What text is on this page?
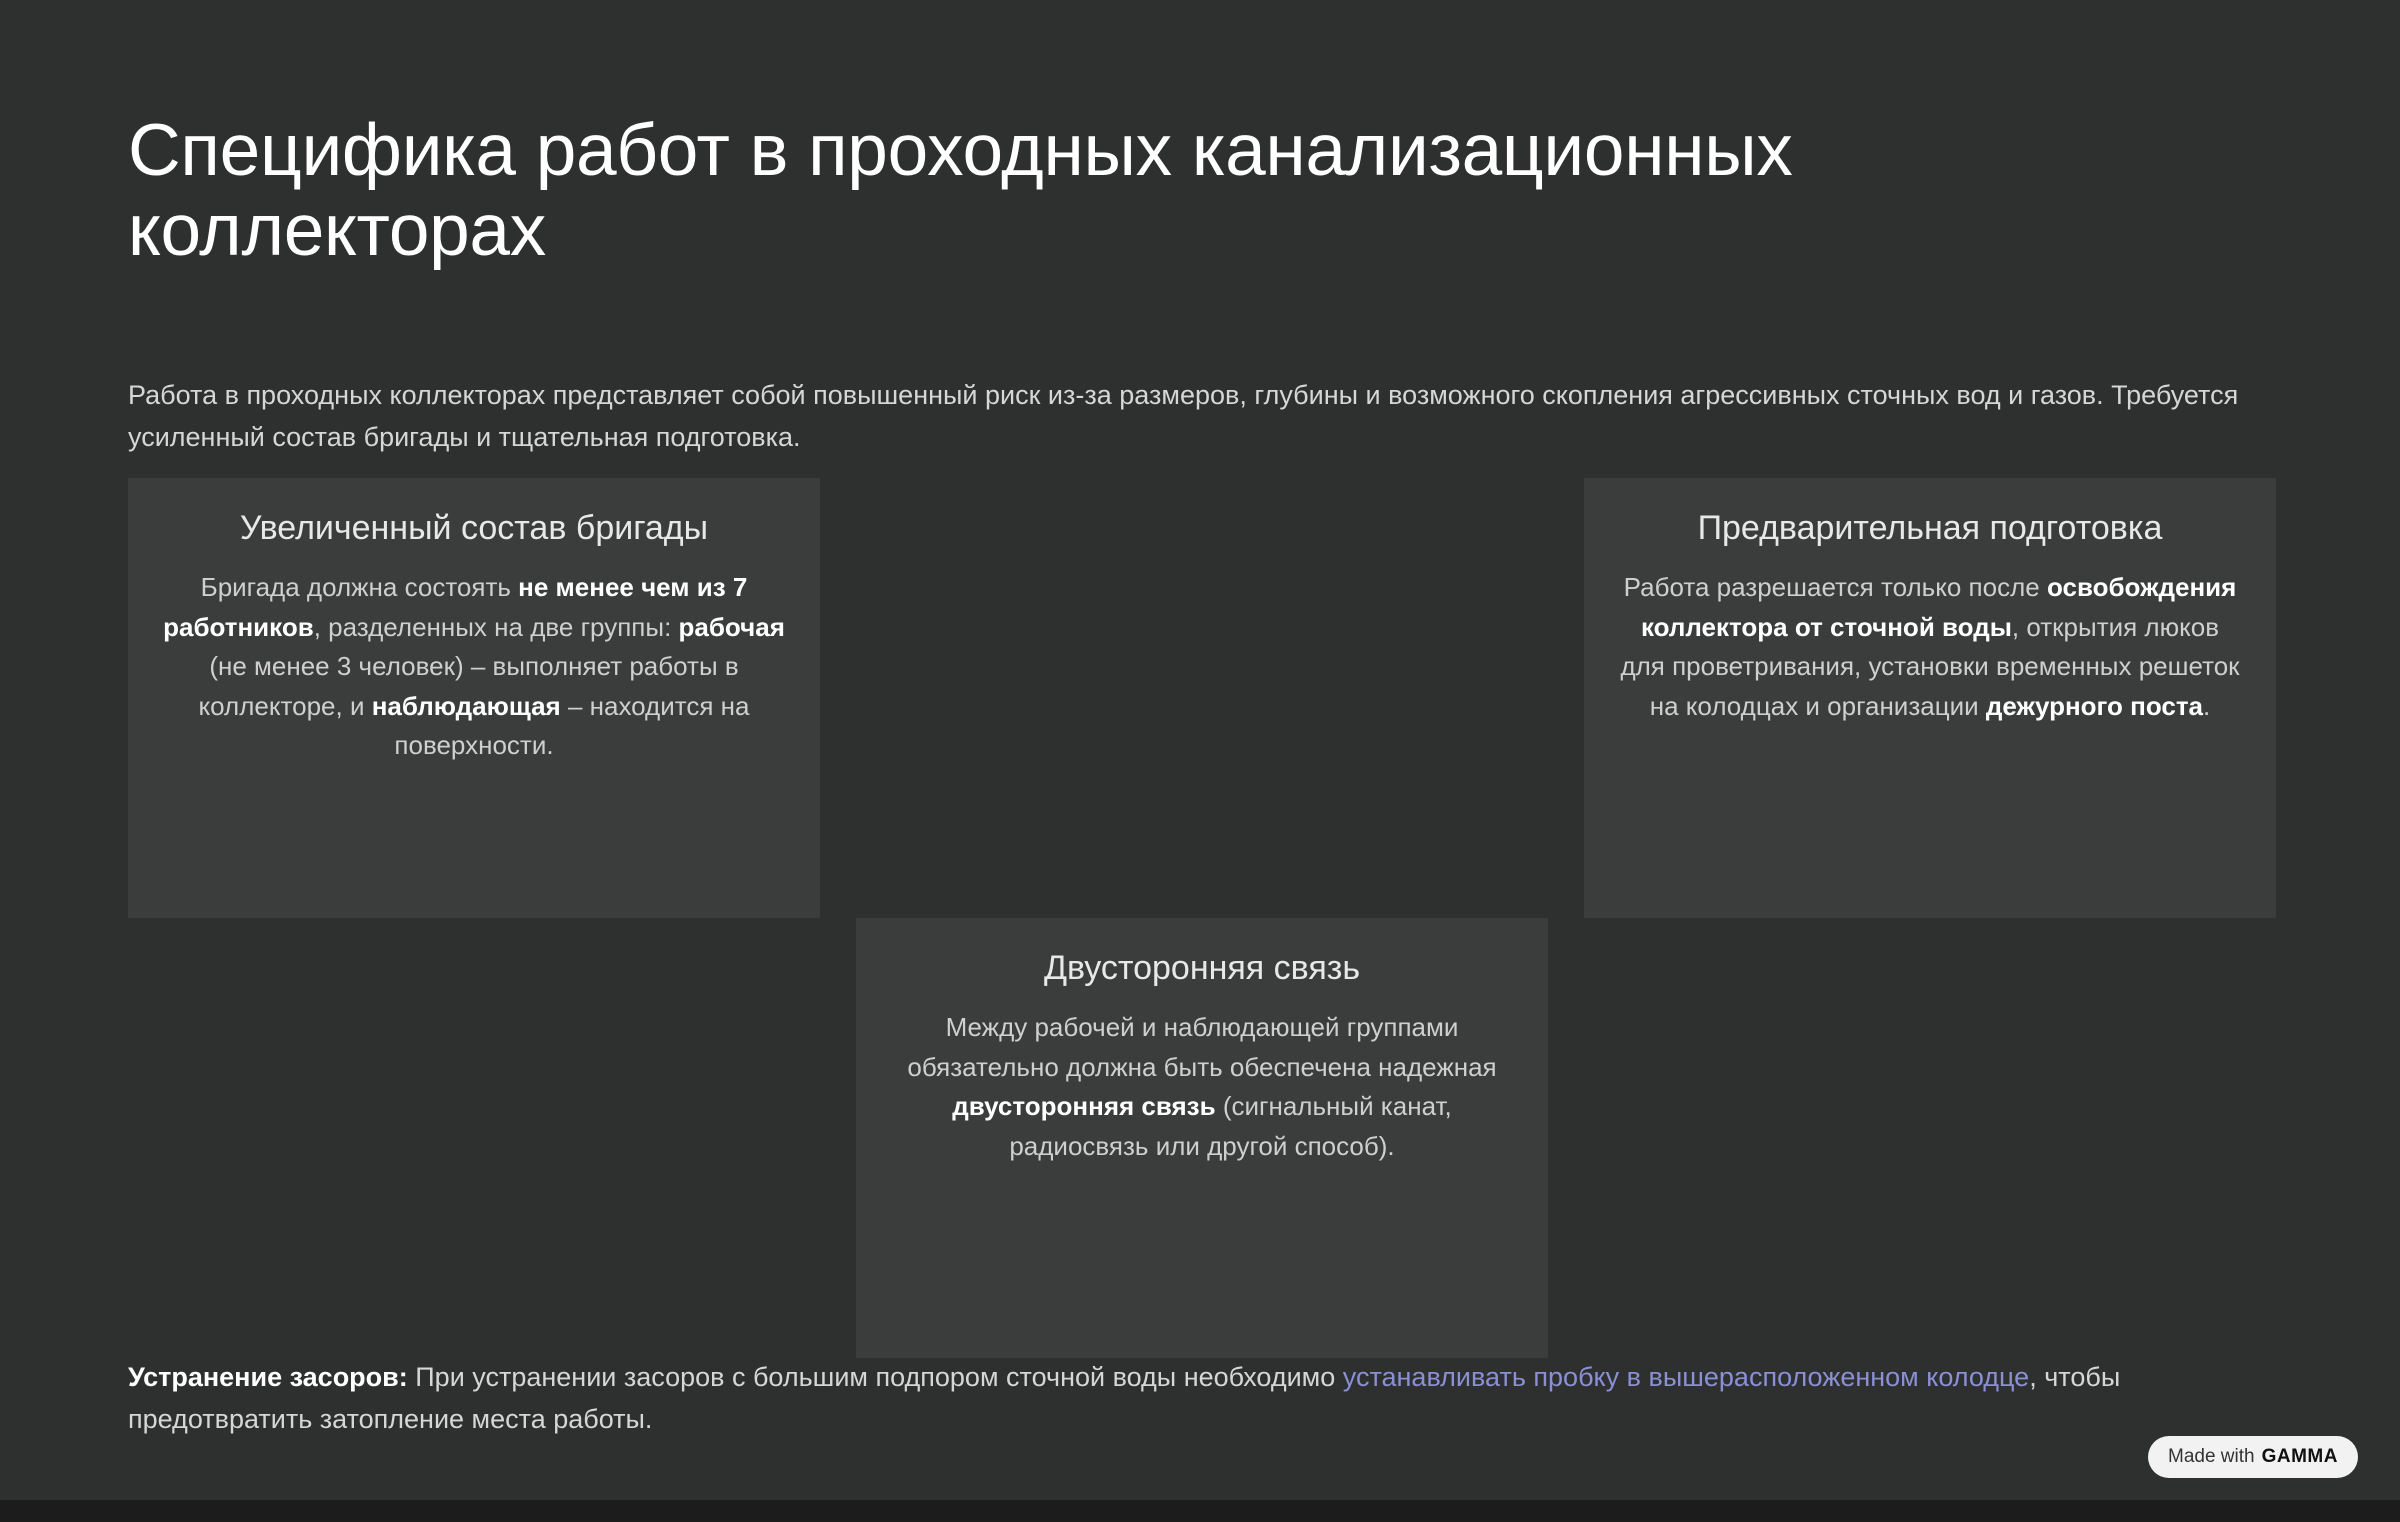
Специфика работ в проходных канализационных коллекторах

Работа в проходных коллекторах представляет собой повышенный риск из-за размеров, глубины и возможного скопления агрессивных сточных вод и газов. Требуется усиленный состав бригады и тщательная подготовка.

Увеличенный состав бригады
Бригада должна состоять не менее чем из 7 работников, разделенных на две группы: рабочая (не менее 3 человек) – выполняет работы в коллекторе, и наблюдающая – находится на поверхности.
Предварительная подготовка
Работа разрешается только после освобождения коллектора от сточной воды, открытия люков для проветривания, установки временных решеток на колодцах и организации дежурного поста.
Двусторонняя связь
Между рабочей и наблюдающей группами обязательно должна быть обеспечена надежная двусторонняя связь (сигнальный канат, радиосвязь или другой способ).

Устранение засоров: При устранении засоров с большим подпором сточной воды необходимо устанавливать пробку в вышерасположенном колодце, чтобы предотвратить затопление места работы.

Made with GAMMA
